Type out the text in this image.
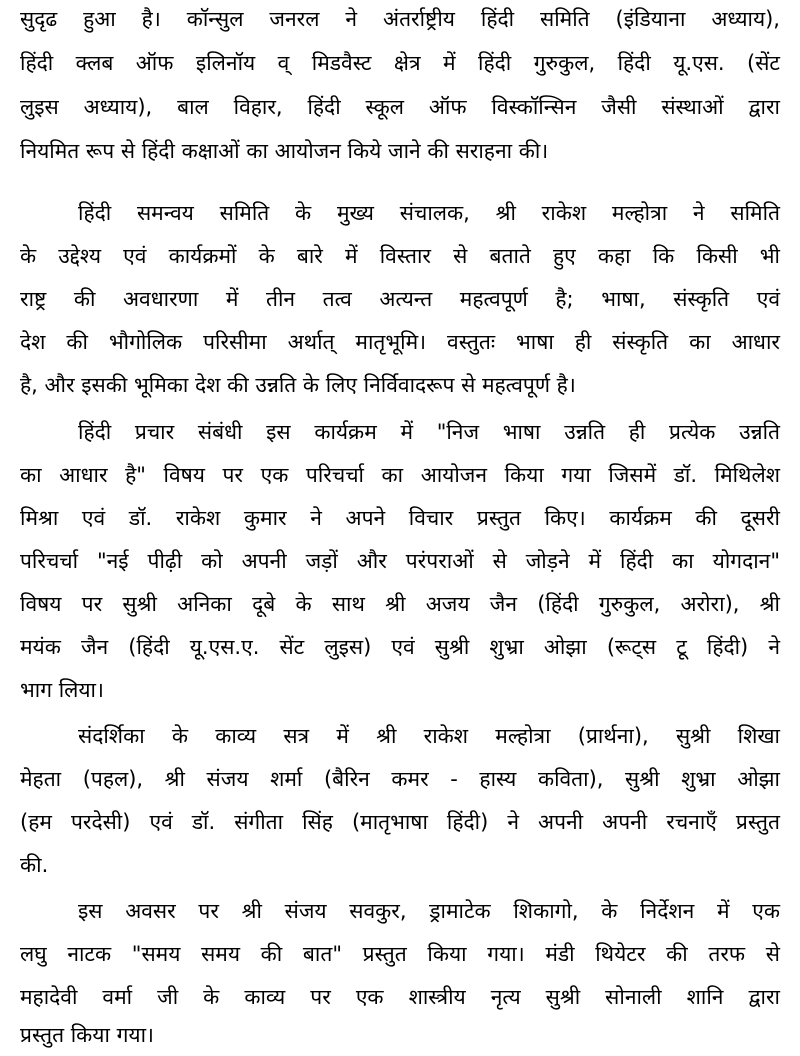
सुदृढ हुआ है। कॉन्सुल जनरल ने अंतर्राष्ट्रीय हिंदी समिति (इंडियाना अध्याय),
हिंदी क्लब ऑफ इलिनॉय व् मिडवैस्ट क्षेत्र में हिंदी गुरुकुल, हिंदी यू.एस. (सेंट
लुइस अध्याय), बाल विहार, हिंदी स्कूल ऑफ विस्कॉन्सिन जैसी संस्थाओं द्वारा
नियमित रूप से हिंदी कक्षाओं का आयोजन किये जाने की सराहना की।
हिंदी समन्वय समिति के मुख्य संचालक, श्री राकेश मल्होत्रा ने समिति
के उद्देश्य एवं कार्यक्रमों के बारे में विस्तार से बताते हुए कहा कि किसी भी
राष्ट्र की अवधारणा में तीन तत्व अत्यन्त महत्वपूर्ण है; भाषा, संस्कृति एवं
देश की भौगोलिक परिसीमा अर्थात् मातृभूमि। वस्तुतः भाषा ही संस्कृति का आधार
है, और इसकी भूमिका देश की उन्नति के लिए निर्विवादरूप से महत्वपूर्ण है।
हिंदी प्रचार संबंधी इस कार्यक्रम में "निज भाषा उन्नति ही प्रत्येक उन्नति
का आधार है" विषय पर एक परिचर्चा का आयोजन किया गया जिसमें डॉ. मिथिलेश
मिश्रा एवं डॉ. राकेश कुमार ने अपने विचार प्रस्तुत किए। कार्यक्रम की दूसरी
परिचर्चा "नई पीढ़ी को अपनी जड़ों और परंपराओं से जोड़ने में हिंदी का योगदान"
विषय पर सुश्री अनिका दूबे के साथ श्री अजय जैन (हिंदी गुरुकुल, अरोरा), श्री
मयंक जैन (हिंदी यू.एस.ए. सेंट लुइस) एवं सुश्री शुभ्रा ओझा (रूट्स टू हिंदी) ने
भाग लिया।
संदर्शिका के काव्य सत्र में श्री राकेश मल्होत्रा (प्रार्थना), सुश्री शिखा
मेहता (पहल), श्री संजय शर्मा (बैरिन कमर - हास्य कविता), सुश्री शुभ्रा ओझा
(हम परदेसी) एवं डॉ. संगीता सिंह (मातृभाषा हिंदी) ने अपनी अपनी रचनाएँ प्रस्तुत
की.
इस अवसर पर श्री संजय सवकुर, ड्रामाटेक शिकागो, के निर्देशन में एक
लघु नाटक "समय समय की बात" प्रस्तुत किया गया। मंडी थियेटर की तरफ से
महादेवी वर्मा जी के काव्य पर एक शास्त्रीय नृत्य सुश्री सोनाली शानि द्वारा
प्रस्तुत किया गया।
